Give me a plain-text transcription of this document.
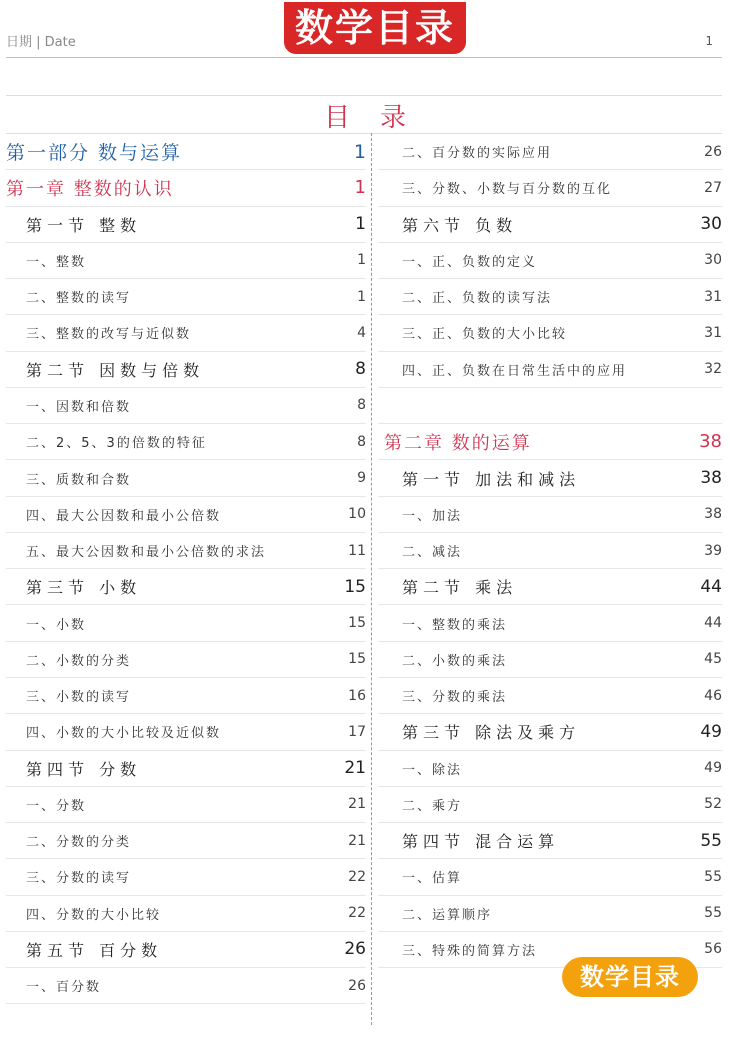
日期 | Date	数学目录	1
目录
第一部分 数与运算	1
第一章 整数的认识	1
第一节 整数	1
一、整数	1
二、整数的读写	1
三、整数的改写与近似数	4
第二节 因数与倍数	8
一、因数和倍数	8
二、2、5、3的倍数的特征	8
三、质数和合数	9
四、最大公因数和最小公倍数	10
五、最大公因数和最小公倍数的求法	11
第三节 小数	15
一、小数	15
二、小数的分类	15
三、小数的读写	16
四、小数的大小比较及近似数	17
第四节 分数	21
一、分数	21
二、分数的分类	21
三、分数的读写	22
四、分数的大小比较	22
第五节 百分数	26
一、百分数	26
二、百分数的实际应用	26
三、分数、小数与百分数的互化	27
第六节 负数	30
一、正、负数的定义	30
二、正、负数的读写法	31
三、正、负数的大小比较	31
四、正、负数在日常生活中的应用	32
第二章 数的运算	38
第一节 加法和减法	38
一、加法	38
二、减法	39
第二节 乘法	44
一、整数的乘法	44
二、小数的乘法	45
三、分数的乘法	46
第三节 除法及乘方	49
一、除法	49
二、乘方	52
第四节 混合运算	55
一、估算	55
二、运算顺序	55
三、特殊的简算方法	56
数学目录
